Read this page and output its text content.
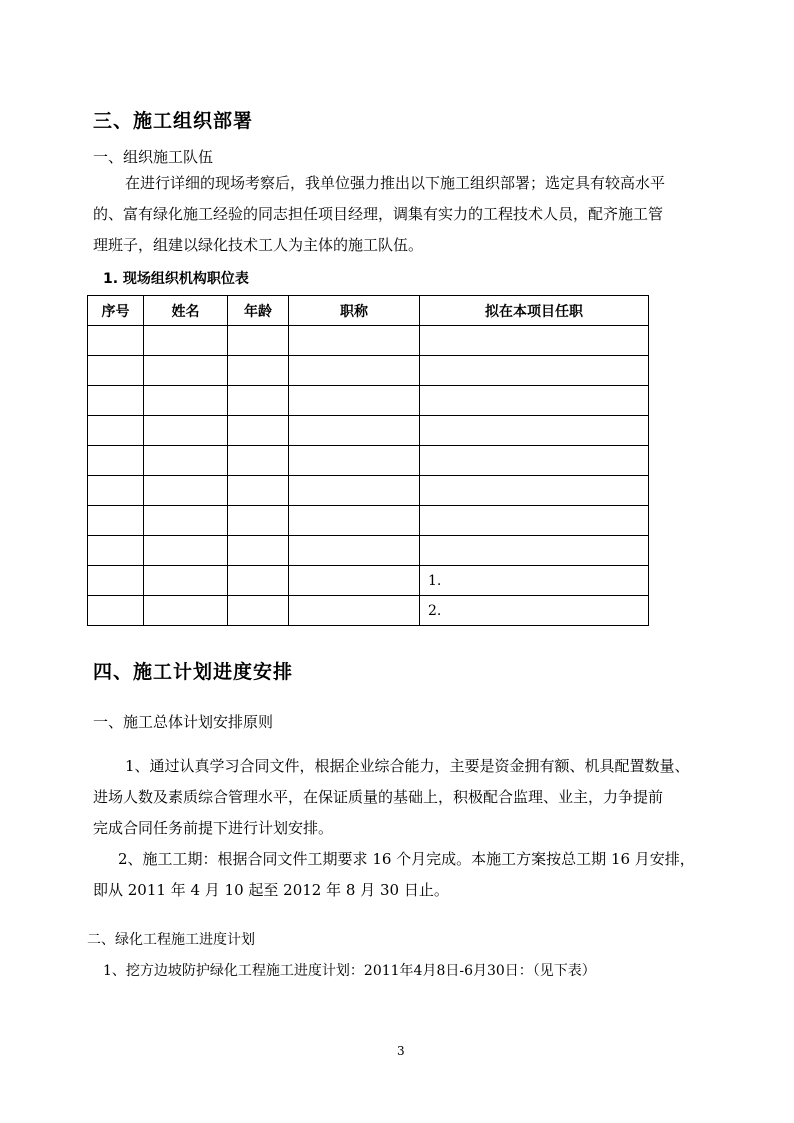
三、施工组织部署
一、组织施工队伍
在进行详细的现场考察后，我单位强力推出以下施工组织部署；选定具有较高水平
的、富有绿化施工经验的同志担任项目经理，调集有实力的工程技术人员，配齐施工管
理班子，组建以绿化技术工人为主体的施工队伍。
1. 现场组织机构职位表
序号	姓名	年龄	职称	拟在本项目任职

				1.
				2.
四、施工计划进度安排
一、施工总体计划安排原则
1、通过认真学习合同文件，根据企业综合能力，主要是资金拥有额、机具配置数量、
进场人数及素质综合管理水平，在保证质量的基础上，积极配合监理、业主，力争提前
完成合同任务前提下进行计划安排。
2、施工工期：根据合同文件工期要求 16 个月完成。本施工方案按总工期 16 月安排，
即从 2011 年 4 月 10 起至 2012 年 8 月 30 日止。
二、绿化工程施工进度计划
1、挖方边坡防护绿化工程施工进度计划：2011年4月8日-6月30日：（见下表）
3
